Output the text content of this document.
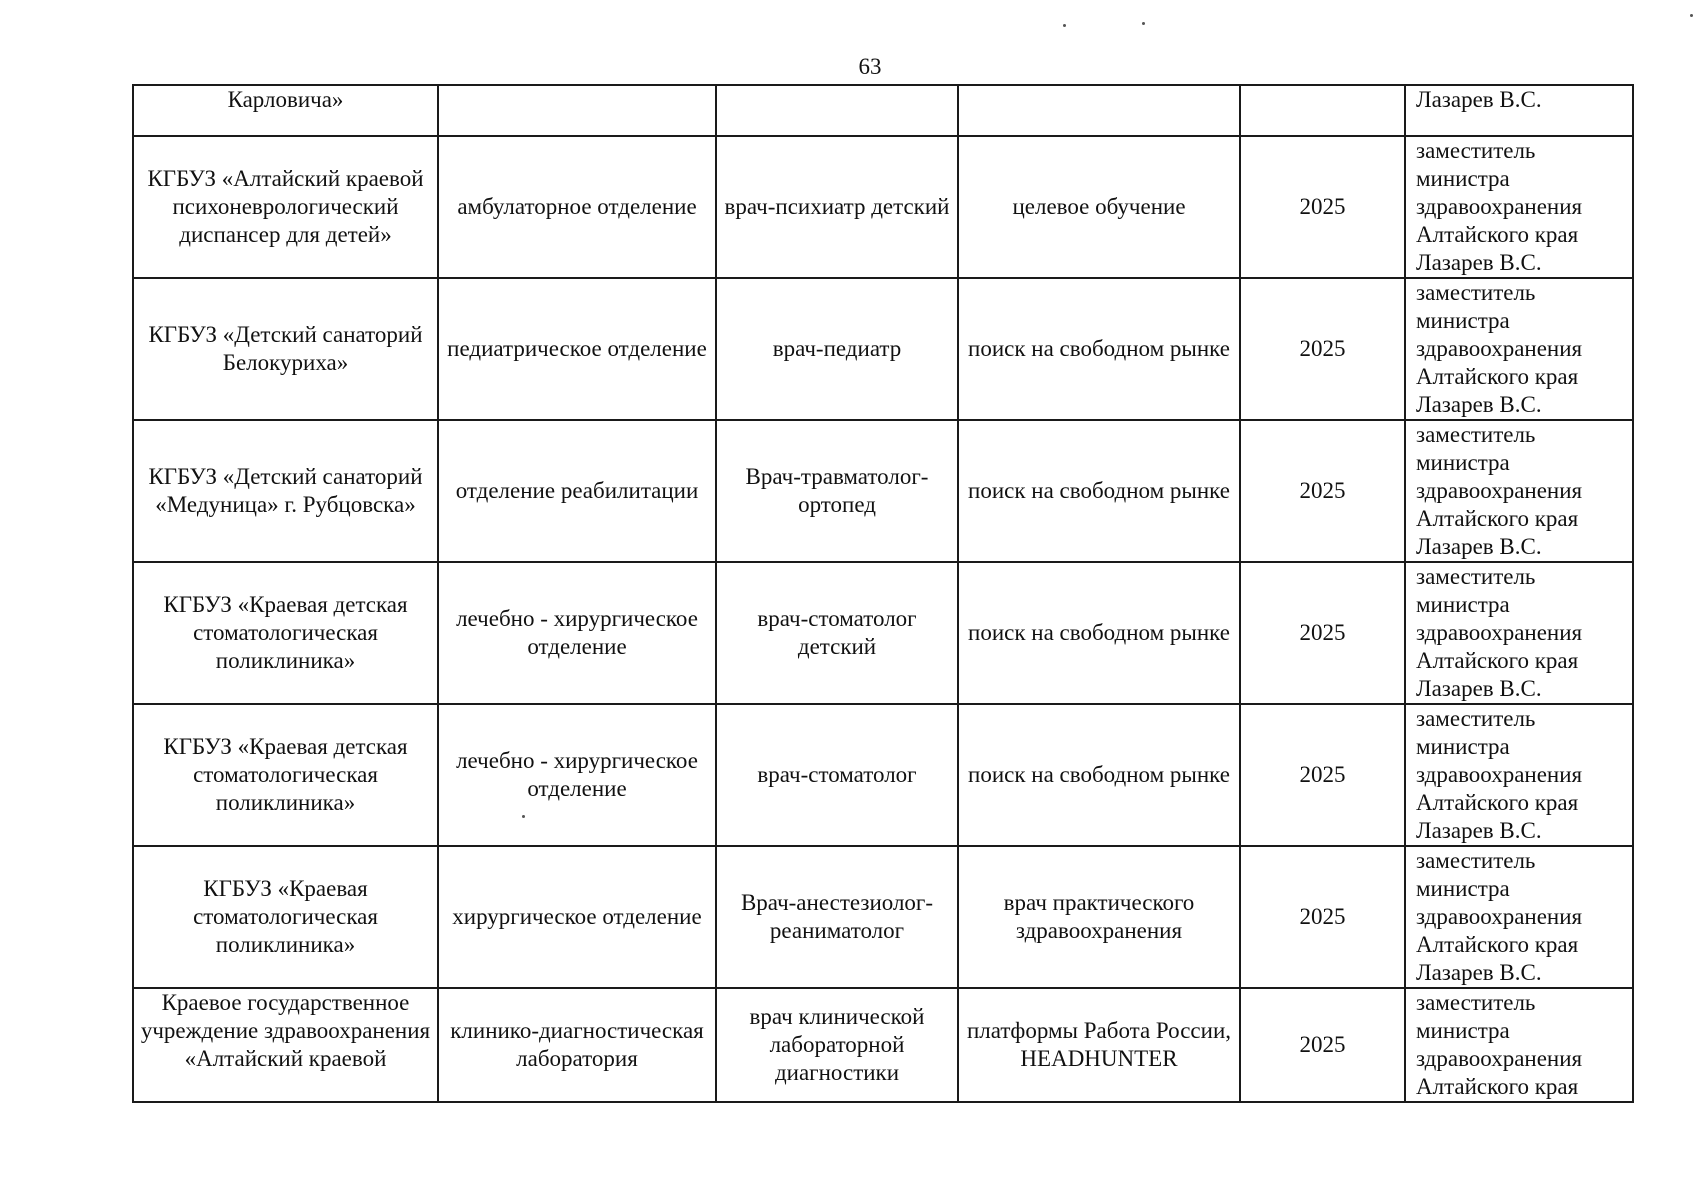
63
Карловича»					Лазарев В.С.
КГБУЗ «Алтайский краевой психоневрологический диспансер для детей»	амбулаторное отделение	врач-психиатр детский	целевое обучение	2025	заместитель министра здравоохранения Алтайского края Лазарев В.С.
КГБУЗ «Детский санаторий Белокуриха»	педиатрическое отделение	врач-педиатр	поиск на свободном рынке	2025	заместитель министра здравоохранения Алтайского края Лазарев В.С.
КГБУЗ «Детский санаторий «Медуница» г. Рубцовска»	отделение реабилитации	Врач-травматолог-ортопед	поиск на свободном рынке	2025	заместитель министра здравоохранения Алтайского края Лазарев В.С.
КГБУЗ «Краевая детская стоматологическая поликлиника»	лечебно - хирургическое отделение	врач-стоматолог детский	поиск на свободном рынке	2025	заместитель министра здравоохранения Алтайского края Лазарев В.С.
КГБУЗ «Краевая детская стоматологическая поликлиника»	лечебно - хирургическое отделение	врач-стоматолог	поиск на свободном рынке	2025	заместитель министра здравоохранения Алтайского края Лазарев В.С.
КГБУЗ «Краевая стоматологическая поликлиника»	хирургическое отделение	Врач-анестезиолог-реаниматолог	врач практического здравоохранения	2025	заместитель министра здравоохранения Алтайского края Лазарев В.С.
Краевое государственное учреждение здравоохранения «Алтайский краевой	клинико-диагностическая лаборатория	врач клинической лабораторной диагностики	платформы Работа России, HEADHUNTER	2025	заместитель министра здравоохранения Алтайского края
